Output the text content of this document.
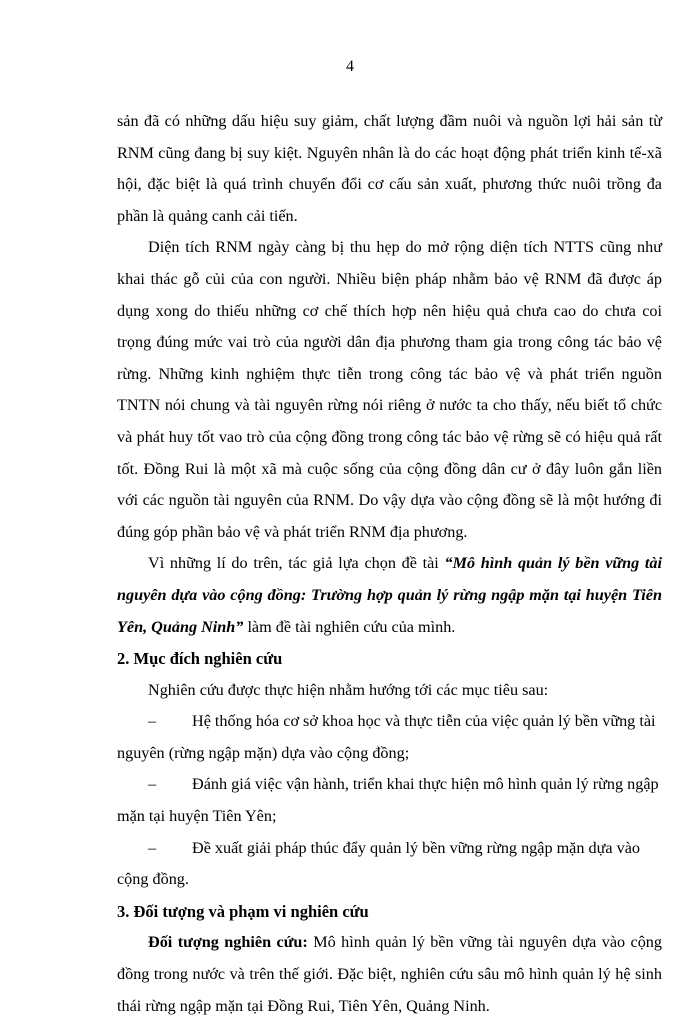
4

sản đã có những dấu hiệu suy giảm, chất lượng đầm nuôi và nguồn lợi hải sản từ RNM cũng đang bị suy kiệt. Nguyên nhân là do các hoạt động phát triển kinh tế-xã hội, đặc biệt là quá trình chuyển đổi cơ cấu sản xuất, phương thức nuôi trồng đa phần là quảng canh cải tiến.

Diện tích RNM ngày càng bị thu hẹp do mở rộng diện tích NTTS cũng như khai thác gỗ củi của con người. Nhiều biện pháp nhằm bảo vệ RNM đã được áp dụng xong do thiếu những cơ chế thích hợp nên hiệu quả chưa cao do chưa coi trọng đúng mức vai trò của người dân địa phương tham gia trong công tác bảo vệ rừng. Những kinh nghiệm thực tiễn trong công tác bảo vệ và phát triển nguồn TNTN nói chung và tài nguyên rừng nói riêng ở nước ta cho thấy, nếu biết tổ chức và phát huy tốt vao trò của cộng đồng trong công tác bảo vệ rừng sẽ có hiệu quả rất tốt. Đồng Rui là một xã mà cuộc sống của cộng đồng dân cư ở đây luôn gắn liền với các nguồn tài nguyên của RNM. Do vậy dựa vào cộng đồng sẽ là một hướng đi đúng góp phần bảo vệ và phát triển RNM địa phương.

Vì những lí do trên, tác giả lựa chọn đề tài “Mô hình quản lý bền vững tài nguyên dựa vào cộng đồng: Trường hợp quản lý rừng ngập mặn tại huyện Tiên Yên, Quảng Ninh” làm đề tài nghiên cứu của mình.

2. Mục đích nghiên cứu

Nghiên cứu được thực hiện nhằm hướng tới các mục tiêu sau:

–	Hệ thống hóa cơ sở khoa học và thực tiễn của việc quản lý bền vững tài

nguyên (rừng ngập mặn) dựa vào cộng đồng;

–	Đánh giá việc vận hành, triển khai thực hiện mô hình quản lý rừng ngập

mặn tại huyện Tiên Yên;

–	Đề xuất giải pháp thúc đẩy quản lý bền vững rừng ngập mặn dựa vào

cộng đồng.

3. Đối tượng và phạm vi nghiên cứu

Đối tượng nghiên cứu: Mô hình quản lý bền vững tài nguyên dựa vào cộng đồng trong nước và trên thế giới. Đặc biệt, nghiên cứu sâu mô hình quản lý hệ sinh thái rừng ngập mặn tại Đồng Rui, Tiên Yên, Quảng Ninh.
